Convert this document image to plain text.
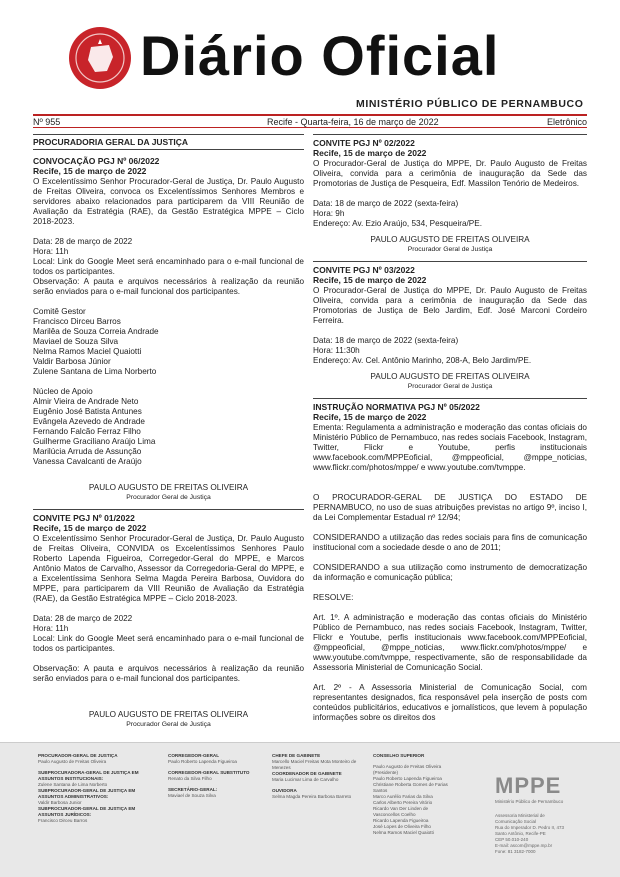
Diário Oficial
MINISTÉRIO PÚBLICO DE PERNAMBUCO
Nº 955	Recife - Quarta-feira, 16 de março de 2022	Eletrônico
PROCURADORIA GERAL DA JUSTIÇA
CONVOCAÇÃO PGJ Nº 06/2022
Recife, 15 de março de 2022
O Excelentíssimo Senhor Procurador-Geral de Justiça, Dr. Paulo Augusto de Freitas Oliveira, convoca os Excelentíssimos Senhores Membros e servidores abaixo relacionados para participarem da VIII Reunião de Avaliação da Estratégia (RAE), da Gestão Estratégica MPPE – Ciclo 2018-2023.
Data: 28 de março de 2022
Hora: 11h
Local: Link do Google Meet será encaminhado para o e-mail funcional de todos os participantes.
Observação: A pauta e arquivos necessários à realização da reunião serão enviados para o e-mail funcional dos participantes.
Comitê Gestor
Francisco Dirceu Barros
Marilêa de Souza Correia Andrade
Maviael de Souza Silva
Nelma Ramos Maciel Quaiotti
Valdir Barbosa Júnior
Zulene Santana de Lima Norberto
Núcleo de Apoio
Almir Vieira de Andrade Neto
Eugênio José Batista Antunes
Evângela Azevedo de Andrade
Fernando Falcão Ferraz Filho
Guilherme Graciliano Araújo Lima
Marilúcia Arruda de Assunção
Vanessa Cavalcanti de Araújo
PAULO AUGUSTO DE FREITAS OLIVEIRA
Procurador Geral de Justiça
CONVITE PGJ Nº 01/2022
Recife, 15 de março de 2022
O Excelentíssimo Senhor Procurador-Geral de Justiça, Dr. Paulo Augusto de Freitas Oliveira, CONVIDA os Excelentíssimos Senhores Paulo Roberto Lapenda Figueiroa, Corregedor-Geral do MPPE, e Marcos Antônio Matos de Carvalho, Assessor da Corregedoria-Geral do MPPE, e a Excelentíssima Senhora Selma Magda Pereira Barbosa, Ouvidora do MPPE, para participarem da VIII Reunião de Avaliação da Estratégia (RAE), da Gestão Estratégica MPPE – Ciclo 2018-2023.
Data: 28 de março de 2022
Hora: 11h
Local: Link do Google Meet será encaminhado para o e-mail funcional de todos os participantes.
Observação: A pauta e arquivos necessários à realização da reunião serão enviados para o e-mail funcional dos participantes.
PAULO AUGUSTO DE FREITAS OLIVEIRA
Procurador Geral de Justiça
CONVITE PGJ Nº 02/2022
Recife, 15 de março de 2022
O Procurador-Geral de Justiça do MPPE, Dr. Paulo Augusto de Freitas Oliveira, convida para a cerimônia de inauguração da Sede das Promotorias de Justiça de Pesqueira, Edf. Massilon Tenório de Medeiros.
Data: 18 de março de 2022 (sexta-feira)
Hora: 9h
Endereço: Av. Ezio Araújo, 534, Pesqueira/PE.
PAULO AUGUSTO DE FREITAS OLIVEIRA
Procurador Geral de Justiça
CONVITE PGJ Nº 03/2022
Recife, 15 de março de 2022
O Procurador-Geral de Justiça do MPPE, Dr. Paulo Augusto de Freitas Oliveira, convida para a cerimônia de inauguração da Sede das Promotorias de Justiça de Belo Jardim, Edf. José Marconi Cordeiro Ferreira.
Data: 18 de março de 2022 (sexta-feira)
Hora: 11:30h
Endereço: Av. Cel. Antônio Marinho, 208-A, Belo Jardim/PE.
PAULO AUGUSTO DE FREITAS OLIVEIRA
Procurador Geral de Justiça
INSTRUÇÃO NORMATIVA PGJ Nº 05/2022
Recife, 15 de março de 2022
Ementa: Regulamenta a administração e moderação das contas oficiais do Ministério Público de Pernambuco, nas redes sociais Facebook, Instagram, Twitter, Flickr e Youtube, perfis institucionais www.facebook.com/MPPEoficial, @mppeoficial, @mppe_noticias, www.flickr.com/photos/mppe/ e www.youtube.com/tvmppe.
O PROCURADOR-GERAL DE JUSTIÇA DO ESTADO DE PERNAMBUCO, no uso de suas atribuições previstas no artigo 9º, inciso I, da Lei Complementar Estadual nº 12/94;
CONSIDERANDO a utilização das redes sociais para fins de comunicação institucional com a sociedade desde o ano de 2011;
CONSIDERANDO a sua utilização como instrumento de democratização da informação e comunicação pública;
RESOLVE:
Art. 1º. A administração e moderação das contas oficiais do Ministério Público de Pernambuco, nas redes sociais Facebook, Instagram, Twitter, Flickr e Youtube, perfis institucionais www.facebook.com/MPPEoficial, @mppeoficial, @mppe_noticias, www.flickr.com/photos/mppe/ e www.youtube.com/tvmppe, respectivamente, são de responsabilidade da Assessoria Ministerial de Comunicação Social.
Art. 2º - A Assessoria Ministerial de Comunicação Social, com representantes designados, fica responsável pela inserção de posts com conteúdos publicitários, educativos e jornalísticos, que levem à população informações sobre os direitos dos
PROCURADOR-GERAL DE JUSTIÇA
Paulo Augusto de Freitas Oliveira
SUBPROCURADORA-GERAL DE JUSTIÇA EM ASSUNTOS INSTITUCIONAIS:
Zulene Santana de Lima Norberto
SUBPROCURADOR-GERAL DE JUSTIÇA EM ASSUNTOS ADMINISTRATIVOS:
Valdir Barbosa Junior
SUBPROCURADOR-GERAL DE JUSTIÇA EM ASSUNTOS JURÍDICOS:
Francisco Dirceu Barros
CORREGEDOR-GERAL
Paulo Roberto Lapenda Figueiroa
CORREGEDOR-GERAL SUBSTITUTO
Renato da Silva Filho
SECRETÁRIO-GERAL:
Maviael de Souza Silva
CHEFE DE GABINETE
Marcello Maciel Freitas Mota Monteiro de Menezes
COORDENADOR DE GABINETE
Maria Lucimar Lima de Carvalho
OUVIDORA
Selma Magda Pereira Barbosa Barreto
CONSELHO SUPERIOR
Paulo Augusto de Freitas Oliveira
(Presidente)
Paulo Roberto Lapenda Figueiroa
Christiane Roberta Gomes de Farias
Santos
Marco Aurélio Farias da Silva
Carlos Alberto Pereira Vitório
Ricardo Van Der Linden de
Vasconcellos Coelho
Ricardo Lapenda Figueiroa
José Lopes de Oliveira Filho
Nelma Ramos Maciel Quaiotti
MPPE
Ministério Público de Pernambuco
Assessoria Ministerial de
Comunicação Social
Rua do Imperador D. Pedro II, 473
Santo Antônio, Recife-PE
CEP 50.010-240
E-mail: ascom@mppe.mp.br
Fone: 81 3182-7000
